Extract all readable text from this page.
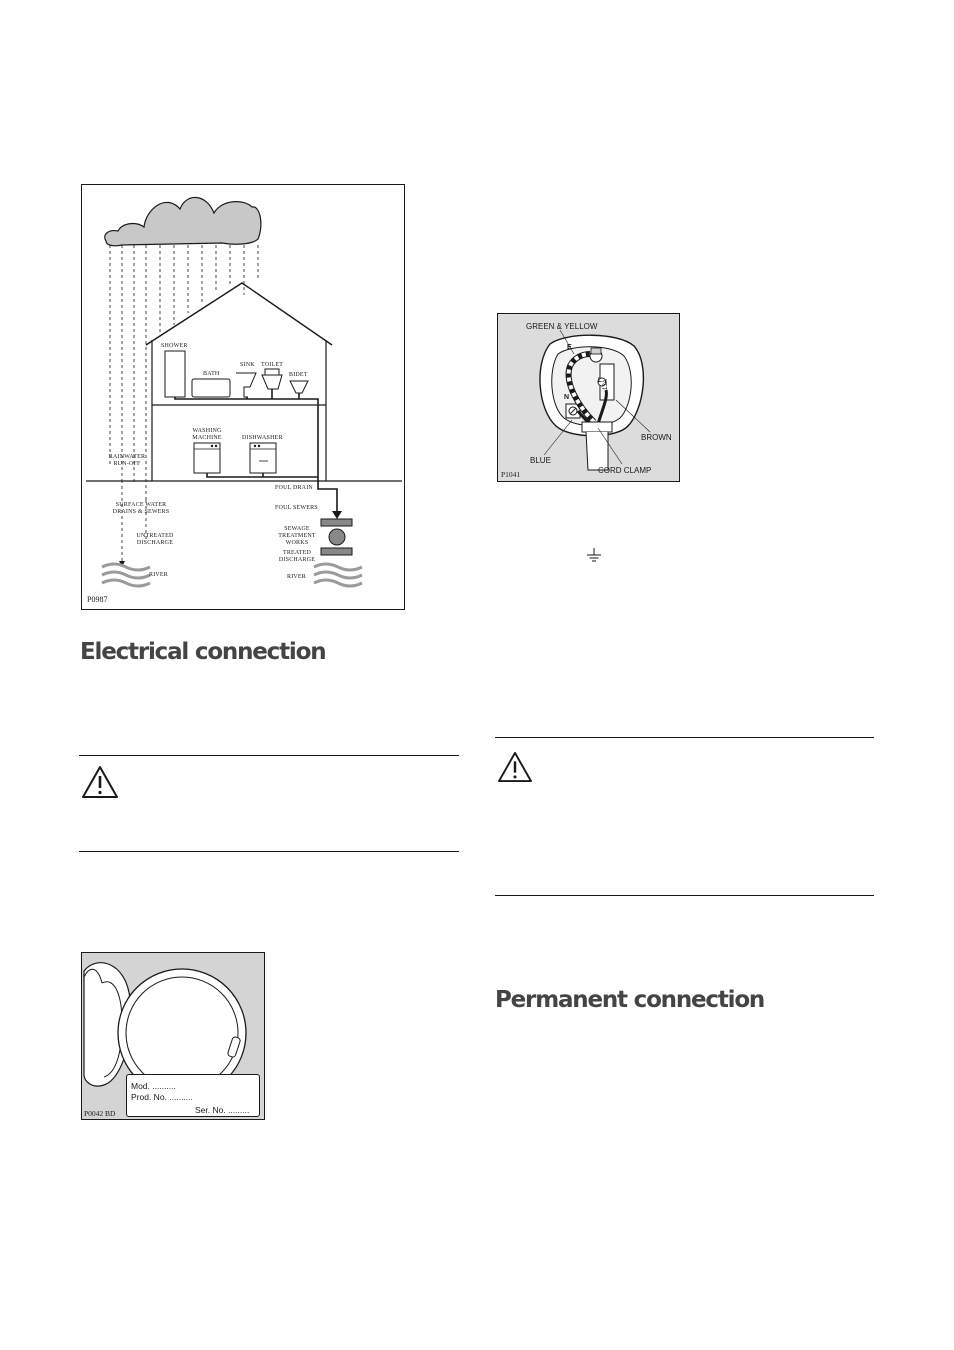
SHOWER
BATH
SINK TOILET
BIDET
WASHING MACHINE	DISHWASHER
RAINWATER RUN-OFF
FOUL DRAIN
FOUL SEWERS
SURFACE WATER DRAINS & SEWERS
SEWAGE TREATMENT WORKS
TREATED DISCHARGE
UNTREATED DISCHARGE
RIVER	RIVER
P0987
GREEN & YELLOW
BROWN
BLUE
CORD CLAMP
E
N
L 13A
P1041
Electrical connection
Permanent connection
Mod. ..........
Prod. No. ..........
Ser. No. .........
P0042 BD
